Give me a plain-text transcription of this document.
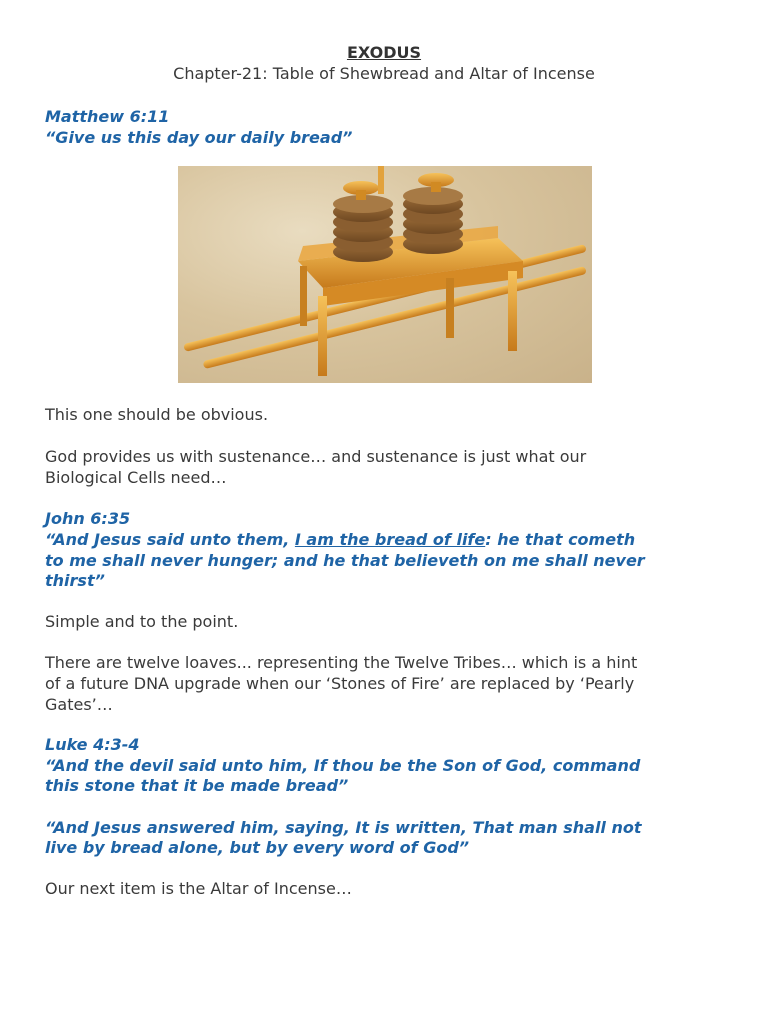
EXODUS
Chapter-21: Table of Shewbread and Altar of Incense
Matthew 6:11
“Give us this day our daily bread”
This one should be obvious.
God provides us with sustenance… and sustenance is just what our
Biological Cells need…
John 6:35
“And Jesus said unto them, I am the bread of life: he that cometh
to me shall never hunger; and he that believeth on me shall never
thirst”
Simple and to the point.
There are twelve loaves... representing the Twelve Tribes… which is a hint
of a future DNA upgrade when our ‘Stones of Fire’ are replaced by ‘Pearly
Gates’…
Luke 4:3-4
“And the devil said unto him, If thou be the Son of God, command
this stone that it be made bread”
“And Jesus answered him, saying, It is written, That man shall not
live by bread alone, but by every word of God”
Our next item is the Altar of Incense…
